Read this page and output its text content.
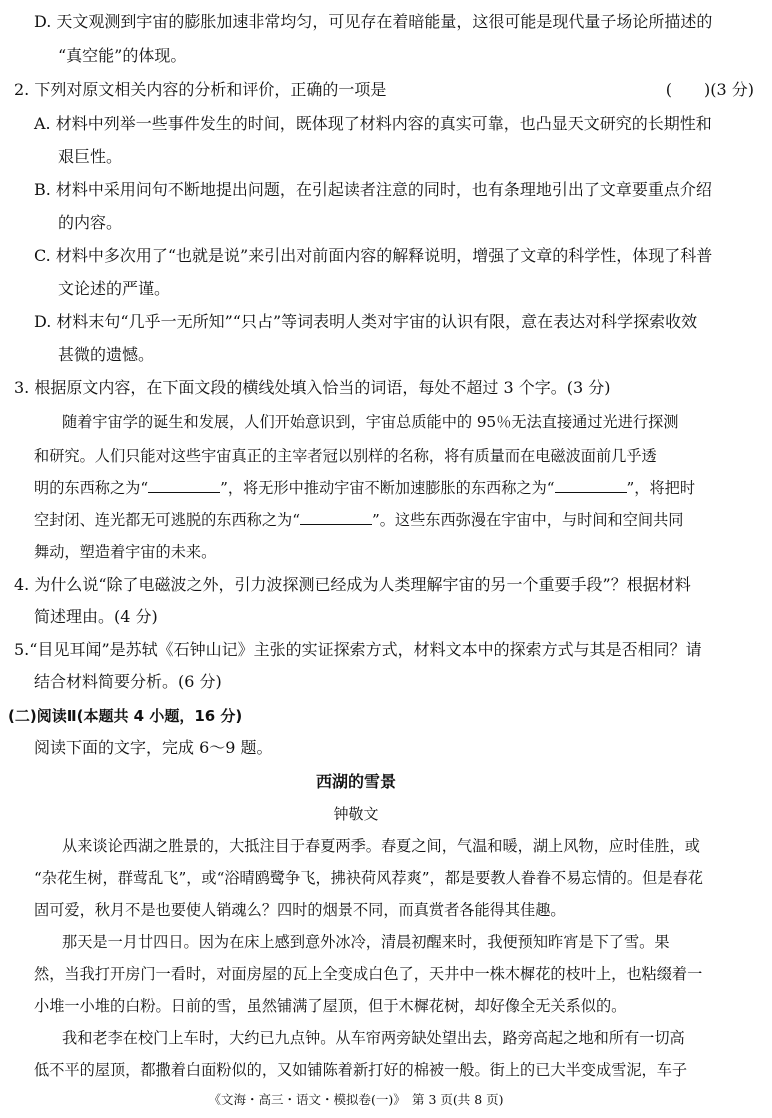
D. 天文观测到宇宙的膨胀加速非常均匀，可见存在着暗能量，这很可能是现代量子场论所描述的
“真空能”的体现。
2. 下列对原文相关内容的分析和评价，正确的一项是	(　　)(3 分)
A. 材料中列举一些事件发生的时间，既体现了材料内容的真实可靠，也凸显天文研究的长期性和
艰巨性。
B. 材料中采用问句不断地提出问题，在引起读者注意的同时，也有条理地引出了文章要重点介绍
的内容。
C. 材料中多次用了“也就是说”来引出对前面内容的解释说明，增强了文章的科学性，体现了科普
文论述的严谨。
D. 材料末句“几乎一无所知”“只占”等词表明人类对宇宙的认识有限，意在表达对科学探索收效
甚微的遗憾。
3. 根据原文内容，在下面文段的横线处填入恰当的词语，每处不超过 3 个字。(3 分)
随着宇宙学的诞生和发展，人们开始意识到，宇宙总质能中的 95％无法直接通过光进行探测
和研究。人们只能对这些宇宙真正的主宰者冠以别样的名称，将有质量而在电磁波面前几乎透
明的东西称之为“	”，将无形中推动宇宙不断加速膨胀的东西称之为“	”，将把时
空封闭、连光都无可逃脱的东西称之为“	”。这些东西弥漫在宇宙中，与时间和空间共同
舞动，塑造着宇宙的未来。
4. 为什么说“除了电磁波之外，引力波探测已经成为人类理解宇宙的另一个重要手段”？根据材料
简述理由。(4 分)
5.“目见耳闻”是苏轼《石钟山记》主张的实证探索方式，材料文本中的探索方式与其是否相同？请
结合材料简要分析。(6 分)
(二)阅读Ⅱ(本题共 4 小题，16 分)
阅读下面的文字，完成 6～9 题。
西湖的雪景
钟敬文
从来谈论西湖之胜景的，大抵注目于春夏两季。春夏之间，气温和暖，湖上风物，应时佳胜，或
“杂花生树，群莺乱飞”，或“浴晴鸥鹭争飞，拂袂荷风荐爽”，都是要教人眷眷不易忘情的。但是春花
固可爱，秋月不是也要使人销魂么？四时的烟景不同，而真赏者各能得其佳趣。
那天是一月廿四日。因为在床上感到意外冰冷，清晨初醒来时，我便预知昨宵是下了雪。果
然，当我打开房门一看时，对面房屋的瓦上全变成白色了，天井中一株木樨花的枝叶上，也粘缀着一
小堆一小堆的白粉。日前的雪，虽然铺满了屋顶，但于木樨花树，却好像全无关系似的。
我和老李在校门上车时，大约已九点钟。从车帘两旁缺处望出去，路旁高起之地和所有一切高
低不平的屋顶，都撒着白面粉似的，又如铺陈着新打好的棉被一般。街上的已大半变成雪泥，车子
《文海・高三・语文・模拟卷(一)》　第 3 页(共 8 页)
